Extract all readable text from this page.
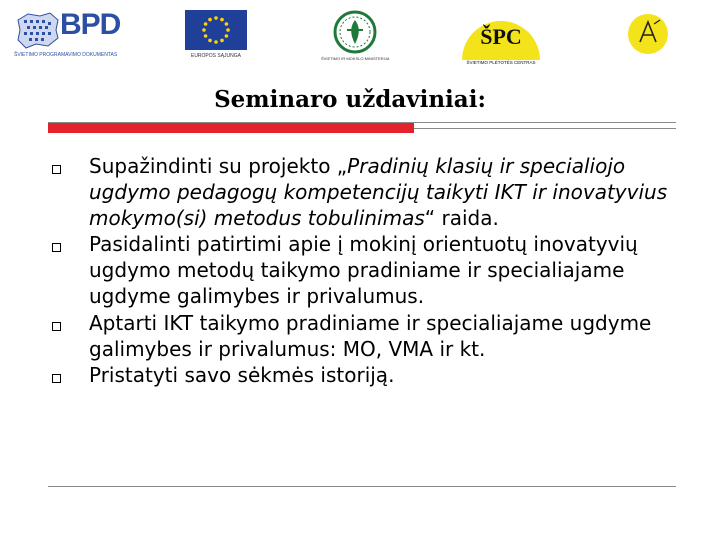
BPD
ŠVIETIMO PROGRAMAVIMO DOKUMENTAS	EUROPOS SĄJUNGA	ŠVIETIMO IR MOKSLO MINISTERIJA
ŠPC
ŠVIETIMO PLĖTOTĖS CENTRAS
Seminaro uždaviniai:
Supažindinti su projekto „Pradinių klasių ir specialiojo ugdymo pedagogų kompetencijų taikyti IKT ir inovatyvius mokymo(si) metodus tobulinimas“ raida.
Pasidalinti patirtimi apie į mokinį orientuotų inovatyvių ugdymo metodų taikymo pradiniame ir specialiajame ugdyme galimybes ir privalumus.
Aptarti IKT taikymo pradiniame ir specialiajame ugdyme galimybes ir privalumus: MO, VMA ir kt.
Pristatyti savo sėkmės istoriją.
